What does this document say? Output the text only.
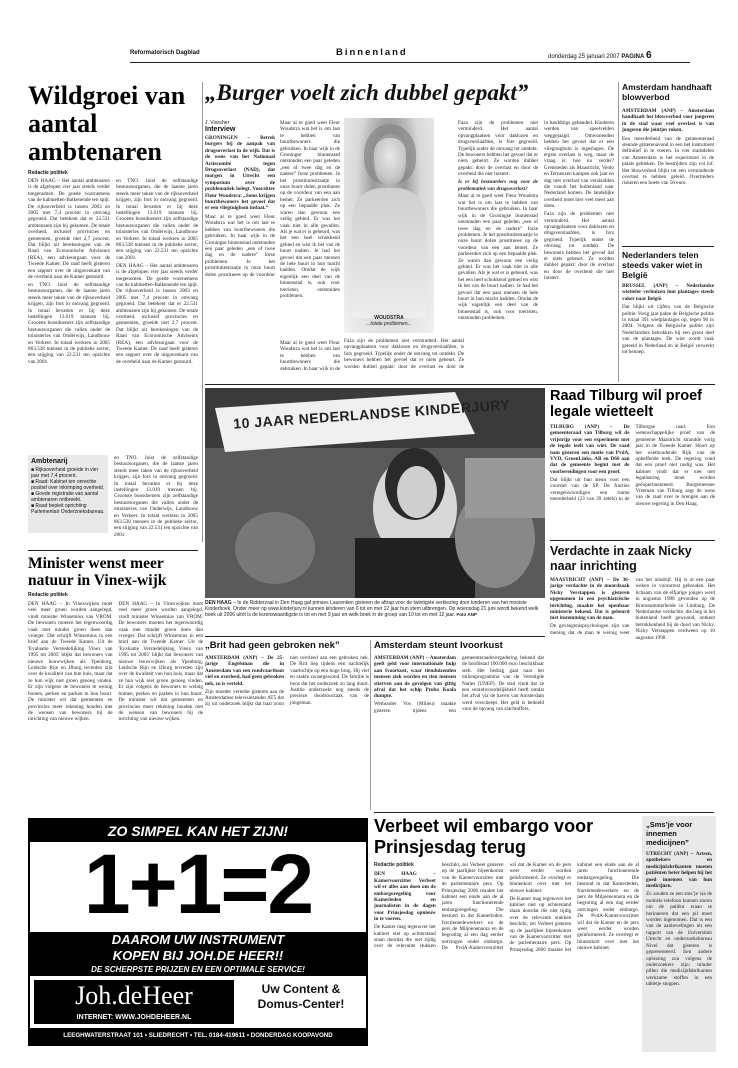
Reformatorisch Dagblad	Binnenland	donderdag 25 januari 2007 PAGINA 6
Wildgroei van aantal ambtenaren
Redactie politiek

DEN HAAG – Het aantal ambtenaren is de afgelopen vier jaar steeds verder toegenomen. De goede voornemens van de kabinetten-Balkenende ten spijt. De rijksoverheid is tussen 2003 en 2005 met 7,4 procent in omvang gegroeid. Dat betekent dat er 22.531 ambtenaren zijn bij gekomen. De totale overheid, inclusief provincies en gemeenten, groeide met 2,7 procent. Dat blijkt uit berekeningen van de Raad van Economische Adviseurs (REA), een adviesorgaan voor de Tweede Kamer. De raad heeft gisteren een rapport over de uitgavenkant van de overheid naar de Kamer gestuurd.

en TNO. Juist de zelfstandige bestuursorganen, die de laatste jaren steeds meer taken van de rijksoverheid krijgen, zijn fors in omvang gegroeid. In totaal bevatten er bij deze instellingen 13.019 mensen bij. Grootste boosdoeners zijn zelfstandige bestuursorganen die vallen onder de ministeries van Onderwijs, Landbouw en Verkeer. In totaal werkten in 2005 863.538 mensen in de publieke sector, een stijging van 22.531 ten opzichte van 2001.

en TNO. Juist de zelfstandige bestuursorganen, die de laatste jaren steeds meer taken van de rijksoverheid krijgen, zijn fors in omvang gegroeid. In totaal bevatten er bij deze instellingen 13.019 mensen bij. Grootste boosdoeners zijn zelfstandige bestuursorganen die vallen onder de ministeries van Onderwijs, Landbouw en Verkeer. In totaal werkten in 2005 863.538 mensen in de publieke sector, een stijging van 22.531 ten opzichte van 2001.

DEN HAAG – Het aantal ambtenaren is de afgelopen vier jaar steeds verder toegenomen. De goede voornemens van de kabinetten-Balkenende ten spijt. De rijksoverheid is tussen 2003 en 2005 met 7,4 procent in omvang gegroeid. Dat betekent dat er 22.531 ambtenaren zijn bij gekomen. De totale overheid, inclusief provincies en gemeenten, groeide met 2,7 procent. Dat blijkt uit berekeningen van de Raad van Economische Adviseurs (REA), een adviesorgaan voor de Tweede Kamer. De raad heeft gisteren een rapport over de uitgavenkant van de overheid naar de Kamer gestuurd.

Ambtenarij
■ Rijksoverheid groeide in vier jaar met 7,4 procent.
■ Raad: Kabinet ten onrechte positief over inkrimping overheid.
■ Goede registratie van aantal ambtenaren ontbreekt.
■ Raad bepleit oprichting Parlementair Onderzoeksbureau.

en TNO. Juist de zelfstandige bestuursorganen, die de laatste jaren steeds meer taken van de rijksoverheid krijgen, zijn fors in omvang gegroeid. In totaal bevatten er bij deze instellingen 13.019 mensen bij. Grootste boosdoeners zijn zelfstandige bestuursorganen die vallen onder de ministeries van Onderwijs, Landbouw en Verkeer. In totaal werkten in 2005 863.538 mensen in de publieke sector, een stijging van 22.531 ten opzichte van 2001.

Minister wenst meer natuur in Vinex-wijk
Redactie politiek

DEN HAAG – In Vinexwijken moet veel meer groen worden aangelegd, vindt minister Winsemius van VROM. De bewoners moeten het tegenwoordig vaak met minder groen doen dan vroeger. Dat schrijft Winsemius in een brief aan de Tweede Kamer. Uit de 'Evaluatie Verstedelijking Vinex van 1995 tot 2005' blijkt dat bewoners van nieuwe bouwwijken als Ypenburg, Leidsche Rijn en IJburg tevreden zijn over de kwaliteit van hun huis, maar dat ze hun wijk niet groen genoeg vinden. Er zijn volgens de bewoners te weinig bomen, perken en parken in hun buurt. De minister wil dat gemeenten en provincies meer rekening houden met de wensen van bewoners bij de inrichting van nieuwe wijken.

DEN HAAG – In Vinexwijken moet veel meer groen worden aangelegd, vindt minister Winsemius van VROM. De bewoners moeten het tegenwoordig vaak met minder groen doen dan vroeger. Dat schrijft Winsemius in een brief aan de Tweede Kamer. Uit de 'Evaluatie Verstedelijking Vinex van 1995 tot 2005' blijkt dat bewoners van nieuwe bouwwijken als Ypenburg, Leidsche Rijn en IJburg tevreden zijn over de kwaliteit van hun huis, maar dat ze hun wijk niet groen genoeg vinden. Er zijn volgens de bewoners te weinig bomen, perken en parken in hun buurt. De minister wil dat gemeenten en provincies meer rekening houden met de wensen van bewoners bij de inrichting van nieuwe wijken.

„Burger voelt zich dubbel gepakt”
J. Visscher
Interview
GRONINGEN – Betrek burgers bij de aanpak van drugsoverlast in de wijk. Dat is de wens van het Nationaal Actiecomité tegen Drugsoverlast (NAD), dat morgen in Utrecht een symposium over de problematiek belegt. Voorzitter Fleur Woudstra: „Soms krijgen buurtbewoners het gevoel dat er een vliegtuigbom inslaat.”
Maar al te goed weet Fleur Woudstra wat het is om last te hebben van buurtbewoners die gebruiken. In haar wijk in de Groningse binnenstad ontstonden een paar geleden „een of twee dag en de nadere” forse problemen. Je het prostitutiestraatje in onze buurt dolen prostituees op de voordeur

Maar al te goed weet Fleur Woudstra wat het is om last te hebben van buurtbewoners die gebruiken. In haar wijk in de Groningse binnenstad ontstonden een paar geleden „een of twee dag en de nadere” forse problemen. Je het prostitutiestraatje in onze buurt dolen prostituees op de voordeur van een aan hemel. Ze parkeerden zich op een bepaalde plek. Ze waren dan gewoon een veilig gebied. Er was het vaak niet in alle gevallen. Als je wat er is gebeurd, was het een heel schokkend gebied en wist ik het van de buurt nadien. Je had het gevoel dat een paar mensen de hele buurt in hun macht hadden. Omdat de wijk eigenlijk een deel van de binnenstad is, ook voor toeristen, ontstonden problemen.

WOUDSTRA
...totale problemen...

Maar al te goed weet Fleur Woudstra wat het is om last te hebben van buurtbewoners die gebruiken. In haar wijk in de

Faza zijn de problemen niet verminderd. Het aantal opvangplaatsen voor daklozen en drugsverslaafden, is fors gegroeid. Typelijk onder de omvang tot ontdekt. De bewoners hebben het gevoel dat er niets gebeurt. Ze worden dubbel gepakt: door de overlast en door de

Faza zijn de problemen niet verminderd. Het aantal opvangplaatsen voor daklozen en drugsverslaafden, is fors gegroeid. Typelijk onder de omvang tot ontdekt. De bewoners hebben het gevoel dat er niets gebeurt. Ze worden dubbel gepakt: door de overlast en door de overheid die niet luistert.

Is er bij bestuurders nog voor de problematiek van drugsoverlast?

Maar al te goed weet Fleur Woudstra wat het is om last te hebben van buurtbewoners die gebruiken. In haar wijk in de Groningse binnenstad ontstonden een paar geleden „een of twee dag en de nadere” forse problemen. Je het prostitutiestraatje in onze buurt dolen prostituees op de voordeur van een aan hemel. Ze parkeerden zich op een bepaalde plek. Ze waren dan gewoon een veilig gebied. Er was het vaak niet in alle gevallen. Als je wat er is gebeurd, was het een heel schokkend gebied en wist ik het van de buurt nadien. Je had het gevoel dat een paar mensen de hele buurt in hun macht hadden. Omdat de wijk eigenlijk een deel van de binnenstad is, ook voor toeristen, ontstonden problemen.

in hardditigs gebanded. Kinderen werden van speelvelden weggejaagd. Omwonenden hebben het gevoel dat er een vliegtuigbom is ingeslagen. De ergste overlast is weg, maar de vraag is: hoe nu verder? Grensteden als Maastricht, Venlo en Terneuzen kampen ook jaar en dag met overlast van verslaafden die vanuit het buitenland naar Nederland komen. De landelijke overheid moet hier veel meer aan doen.

Faza zijn de problemen niet verminderd. Het aantal opvangplaatsen voor daklozen en drugsverslaafden, is fors gegroeid. Typelijk onder de omvang tot ontdekt. De bewoners hebben het gevoel dat er niets gebeurt. Ze worden dubbel gepakt: door de overlast en door de overheid die niet luistert.

Amsterdam handhaaft blowverbod
AMSTERDAM (ANP) – Amsterdam handhaaft het blowverbod voor jongeren in de stad waar veel overlast is van jongeren die jointjes roken.
Een meerderheid van de gemeenteraad steunde gisterenavond in een het instrument definitief in te voeren. In vier stadsdelen van Amsterdam is het experiment in de plaats gebleken. De bestrijders zijn vol lof. Het blowverbod blijkt tot een verminderde overlast te hebben geleid. Overtreders riskeren een boete van 50 euro.
Nederlanders telen steeds vaker wiet in België
BRUSSEL (ANP) – Nederlandse wietteler verhuizen hun plantages steeds vaker naar België.
Dat blijkt uit cijfers van de Belgische politie. Vorig jaar pakte de Belgische politie in totaal 391 wietplantages op, tegen 90 in 2004. Volgens de Belgische politie zijn Nederlanders betrokken bij een groot deel van de plantages. De wiet wordt vaak geteeld in Nederland en in België verwerkt tot hennep.
10 JAAR NEDERLANDSE KINDERJURY
DEN HAAG – In de Ridderzaal in Den Haag gaf prinses Laurentien gisteren de aftrap voor de twintigste verkiezing door kinderen van het mooiste Kinderboek. Onder meer op www.kinderjury.nl kunnen kinderen van 6 tot en met 12 jaar hun stem uitbrengen. Op woensdag 21 juni wordt bekend welk boek uit 2006 uitrit is de lezenswaardigste is tot en met 9 jaar en welk boek in de groep van 10 tot en met 12 jaar. Foto ANP
Raad Tilburg wil proef legale wietteelt

TILBURG (ANP) – De gemeenteraad van Tilburg wil de vrijstrijp voor een experiment met de legale teelt van wiet. De raad nam gisteren een motie van PvdA, VVD, GroenLinks, AB en D66 aan dat de gemeente begint met de voorbereidingen voor een proef.

Dat blijkt uit hun steun voor een voorstel van de SP. De fracties vertegenwoordigen een ruime meerderheid (23 van 39 zetels) in de Tilburgse raad. Een wetenschappelijke proef van de gemeente Maastricht strandde vorig jaar in de Tweede Kamer. Hoort op het wiethoudende Rijk van de opheffende teelt. De regering vond dat een proef niet nodig was. Het kabinet vindt dat er niet met legalisering moet worden geëxperimenteerd. Burgemeester Vreeman van Tilburg zegt de wens van de raad over te brengen aan de nieuwe regering in Den Haag.

Verdachte in zaak Nicky naar inrichting

MAASTRICHT (ANP) – De 36-jarige verdachte in de moordzaak Nicky Verstappen is gisteren opgenomen in een psychiatrische inrichting, maakte het openbaar ministerie bekend. Dat is gebeurd met instemming van de man.

De gevangenispsychologen zijn van mening dat de man te weinig weet van het misdrijf. Hij is al een paar weken in voorarrest gehouden. Het lichaam van de elfjarige jongen werd in augustus 1998 gevonden op de Brunssummerheide in Limburg. De Nederlandse verdachte, die lang in het buitenland heeft gewoond, ontkent betrokkenheid bij de dood van Nicky. Nicky Verstappen verdween op 10 augustus 1998.

„Brit had geen gebroken nek”

AMSTERDAM (ANP) – De 25-jarige Engelsman die in Amsterdam van een rondvaartboot viel en overleed, had geen gebroken nek, zo is verteld.

Zijn moeder vertelde gisteren aan de Amsterdamse televisiezender AT5 dat zij uit onderzoek blijkt dat haar zoon niet overleed aan een gebroken nek. De Brit liep tijdens een nachtelijk vaartochtje op een hoge brug. Hij viel en raakte zwaargewond. De familie is boos dat het onderzoek zo lang duurt. Justitie onderzoekt nog steeds de precieze doodsoorzaak van de jongeman.

Amsterdam steunt Ivoorkust

AMSTERDAM (ANP) – Amsterdam geeft geld voor internationale hulp aan Ivoorkust, waar tienduizenden mensen ziek worden en tien mensen stierven aan de gevolgen van giftig afval dat het schip Probo Koala dumpte.

Wethouder Vos (Milieu) maakte gisteren tijdens een gemeenteraadsvergadering bekend dat de hoofdstad 100.000 euro beschikbaar stelt. Het bedrag gaat naar het milieuprogramma van de Verenigde Naties (UNEP). De stad vindt dat ze een verantwoordelijkheid heeft omdat het afval via de haven van Amsterdam werd verscheept. Het geld is bedoeld voor de opvang van slachtoffers.

ZO SIMPEL KAN HET ZIJN!
1+1=2
DAAROM UW INSTRUMENT
KOPEN BIJ JOH.DE HEER!!
DE SCHERPSTE PRIJZEN EN EEN OPTIMALE SERVICE!
Joh.deHeer
INTERNET: WWW.JOHDEHEER.NL
Uw Content &
Domus-Center!
LEEGHWATERSTRAAT 101 • SLIEDRECHT • TEL. 0184-419611 • DONDERDAG KOOPAVOND
Verbeet wil embargo voor Prinsjesdag terug
Redactie politiek

DEN HAAG – Kamervoorzitter Verbeet wil er alles aan doen om de embargoregeling voor Kamerleden en journalisten in de dagen voor Prinsjesdag opnieuw in te voeren.

De Kamer mag tegenover het kabinet niet op achterstand staan doordat die niet tijdig over de relevante stukken beschikt, zei Verbeet gisteren op de jaarlijkse bijeenkomst van de Kamervoorzitter met de parlementaire pers. Op Prinsjesdag 2006 maakte het kabinet een einde aan de al jaren functionerende embargoregeling. Die bestond in dat Kamerleden, fractiemedewerkers en de pers de Miljoenennota en de begroting al een dag eerder ontvingen onder embargo. De PvdA-Kamervoorzitter wil dat de Kamer en de pers weer eerder worden geïnformeerd. Ze overlegt er binnenkort over met het nieuwe kabinet.

De Kamer mag tegenover het kabinet niet op achterstand staan doordat die niet tijdig over de relevante stukken beschikt, zei Verbeet gisteren op de jaarlijkse bijeenkomst van de Kamervoorzitter met de parlementaire pers. Op Prinsjesdag 2006 maakte het kabinet een einde aan de al jaren functionerende embargoregeling. Die bestond in dat Kamerleden, fractiemedewerkers en de pers de Miljoenennota en de begroting al een dag eerder ontvingen onder embargo. De PvdA-Kamervoorzitter wil dat de Kamer en de pers weer eerder worden geïnformeerd. Ze overlegt er binnenkort over met het nieuwe kabinet.

„Sms’je voor innemen medicijnen”
UTRECHT (ANP) – Artsen, apothekers en medicijnfabrikanten moeten patiënten beter helpen bij het goed innemen van hun medicijnen.
Zo zouden ze een sms’je via de mobiele telefoon kunnen sturen om de patiënt eraan te herinneren dat een pil moet worden ingenomen. Dat is een van de aanbevelingen uit een rapport van de Universiteit Utrecht en onderzoeksbureau Nivel dat gisteren is gepresenteerd. Een andere oplossing zou volgens de onderzoekers zijn: minder pillen die medicijnfabrikanten werkzame stoffen in een tabletje stoppen.
